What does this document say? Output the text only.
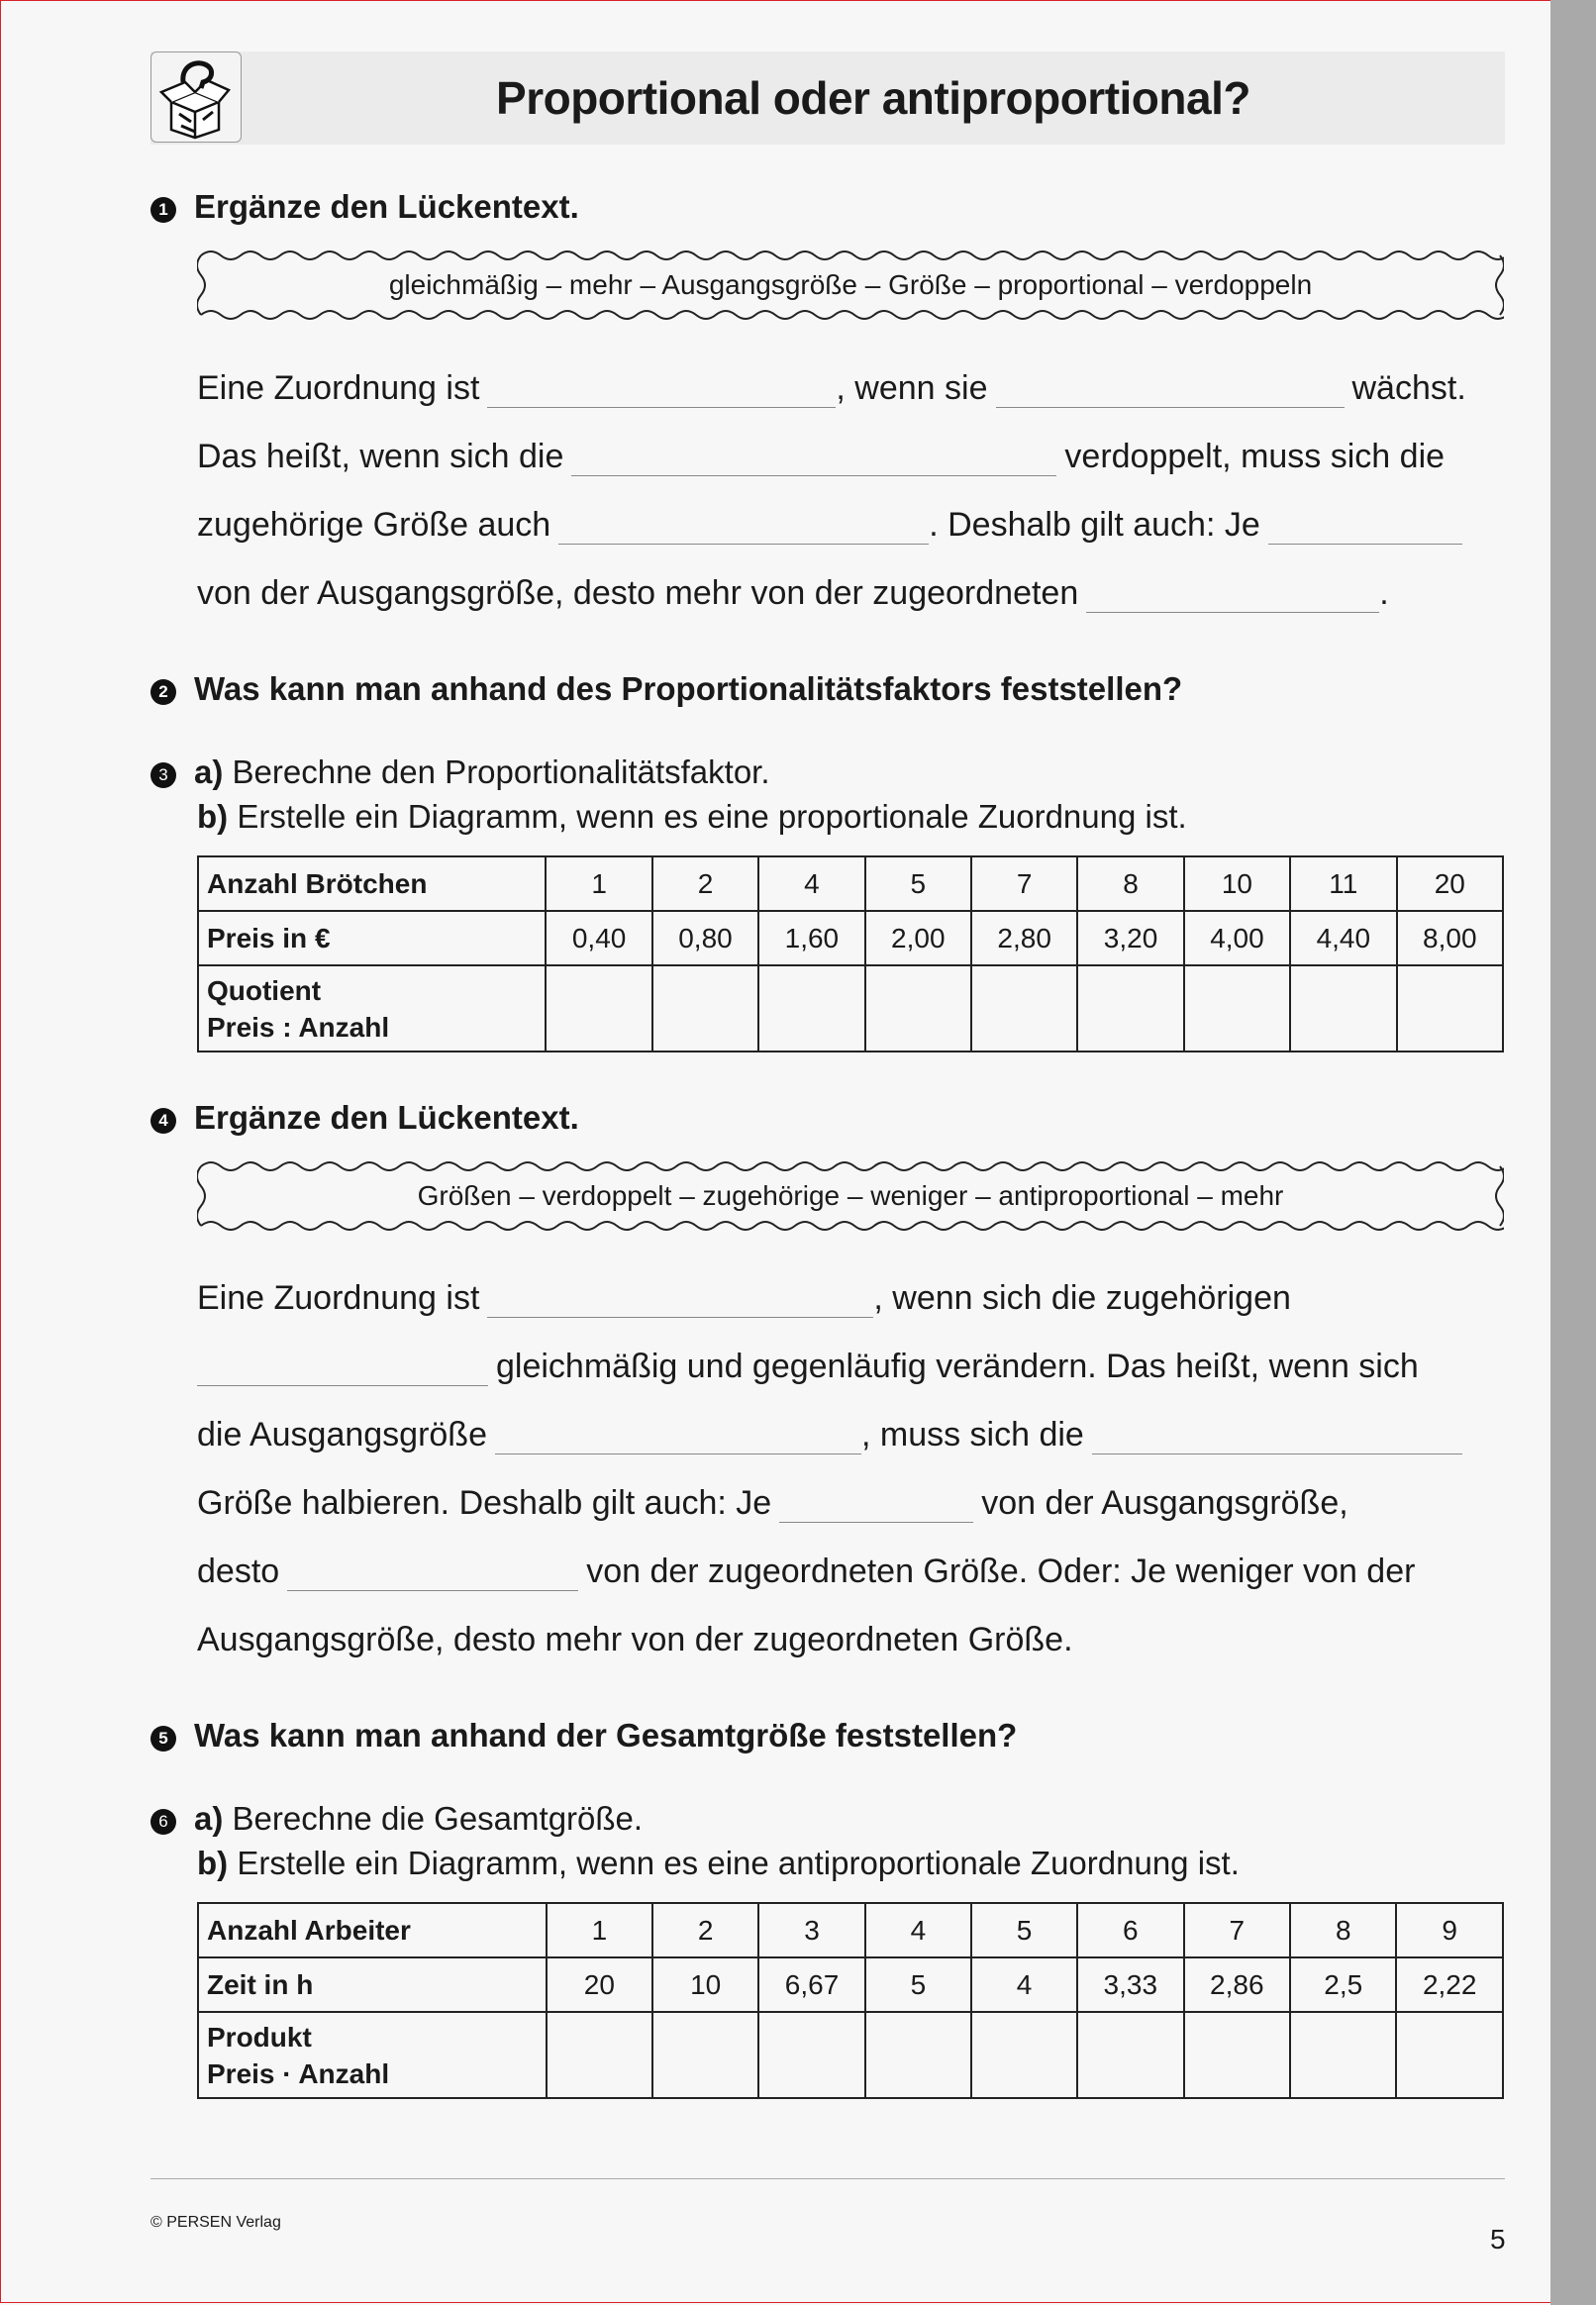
Proportional oder antiproportional?
1 Ergänze den Lückentext.
gleichmäßig – mehr – Ausgangsgröße – Größe – proportional – verdoppeln
Eine Zuordnung ist	, wenn sie	wächst.
Das heißt, wenn sich die	verdoppelt, muss sich die
zugehörige Größe auch	. Deshalb gilt auch: Je
von der Ausgangsgröße, desto mehr von der zugeordneten	.
2 Was kann man anhand des Proportionalitätsfaktors feststellen?
3 a) Berechne den Proportionalitätsfaktor.
b) Erstelle ein Diagramm, wenn es eine proportionale Zuordnung ist.
Anzahl Brötchen	1	2	4	5	7	8	10	11	20
Preis in €	0,40	0,80	1,60	2,00	2,80	3,20	4,00	4,40	8,00

Quotient
Preis : Anzahl									

4 Ergänze den Lückentext.
Größen – verdoppelt – zugehörige – weniger – antiproportional – mehr
Eine Zuordnung ist	, wenn sich die zugehörigen
gleichmäßig und gegenläufig verändern. Das heißt, wenn sich
die Ausgangsgröße	, muss sich die
Größe halbieren. Deshalb gilt auch: Je	von der Ausgangsgröße,
desto	von der zugeordneten Größe. Oder: Je weniger von der
Ausgangsgröße, desto mehr von der zugeordneten Größe.
5 Was kann man anhand der Gesamtgröße feststellen?
6 a) Berechne die Gesamtgröße.
b) Erstelle ein Diagramm, wenn es eine antiproportionale Zuordnung ist.
Anzahl Arbeiter	1	2	3	4	5	6	7	8	9
Zeit in h	20	10	6,67	5	4	3,33	2,86	2,5	2,22

Produkt
Preis · Anzahl									

© PERSEN Verlag
5
